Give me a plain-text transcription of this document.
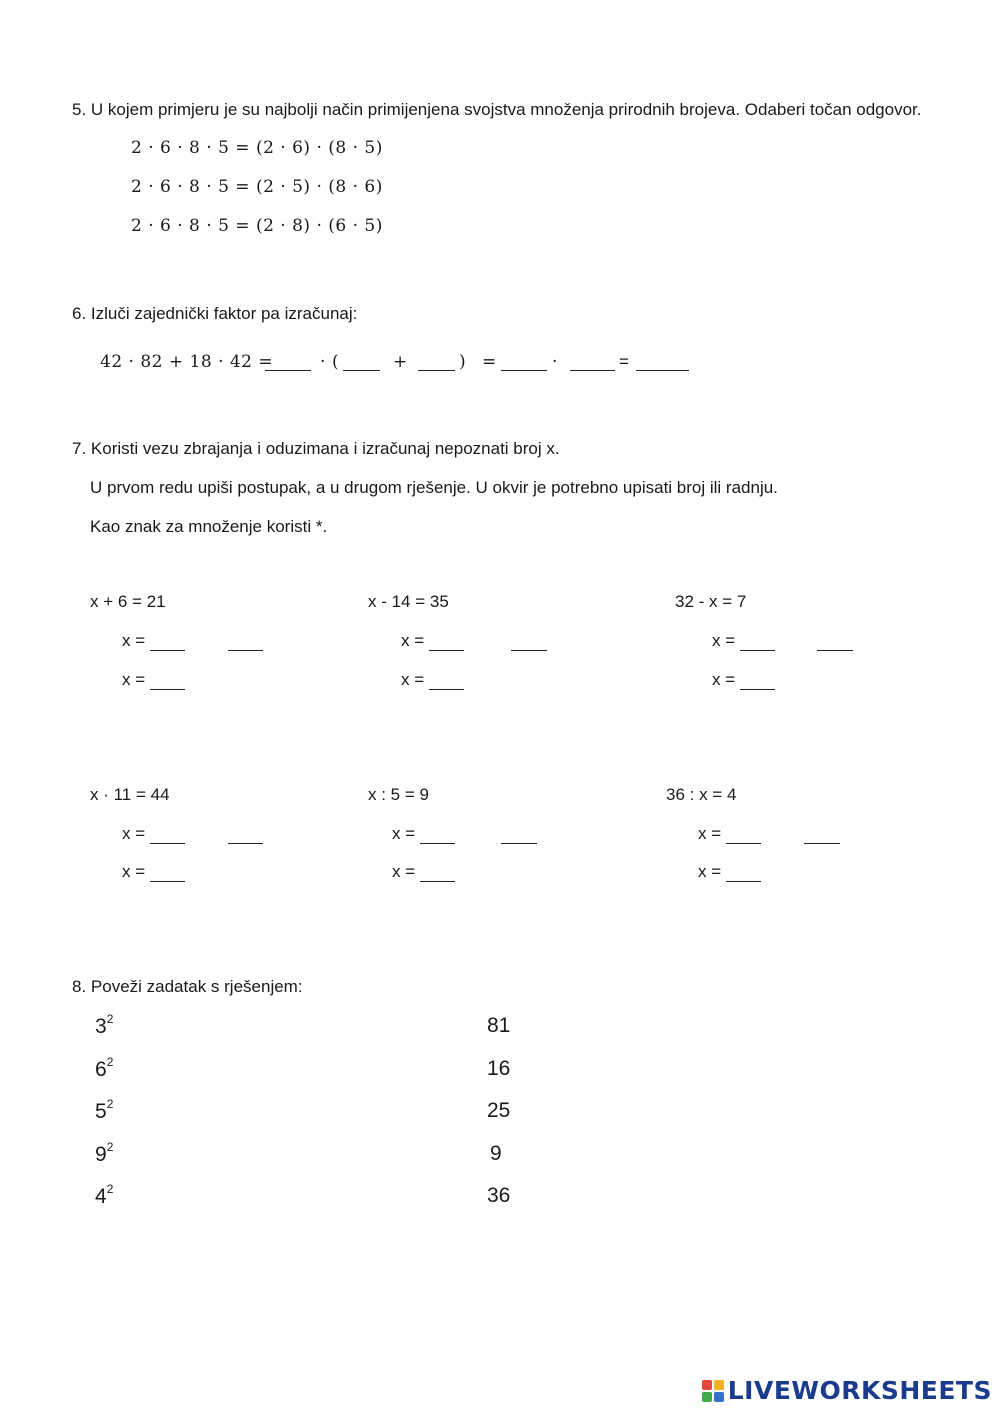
5. U kojem primjeru je su najbolji način primijenjena svojstva množenja prirodnih brojeva. Odaberi točan odgovor.
2 · 6 · 8 · 5 = (2 · 6) · (8 · 5)
2 · 6 · 8 · 5 = (2 · 5) · (8 · 6)
2 · 6 · 8 · 5 = (2 · 8) · (6 · 5)
6. Izluči zajednički faktor pa izračunaj:
42 · 82 + 18 · 42 =	· (	+	) =	·	=
7. Koristi vezu zbrajanja i oduzimana i izračunaj nepoznati broj x.
U prvom redu upiši postupak, a u drugom rješenje. U okvir je potrebno upisati broj ili radnju.
Kao znak za množenje koristi *.
x + 6 = 21
x =
x =
x - 14 = 35
x =
x =
32 - x = 7
x =
x =
x · 11 = 44
x =
x =
x : 5 = 9
x =
x =
36 : x = 4
x =
x =
8. Poveži zadatak s rješenjem:
$3^2$
$6^2$
$5^2$
$9^2$
$4^2$
81
16
25
9
36
LIVEWORKSHEETS
